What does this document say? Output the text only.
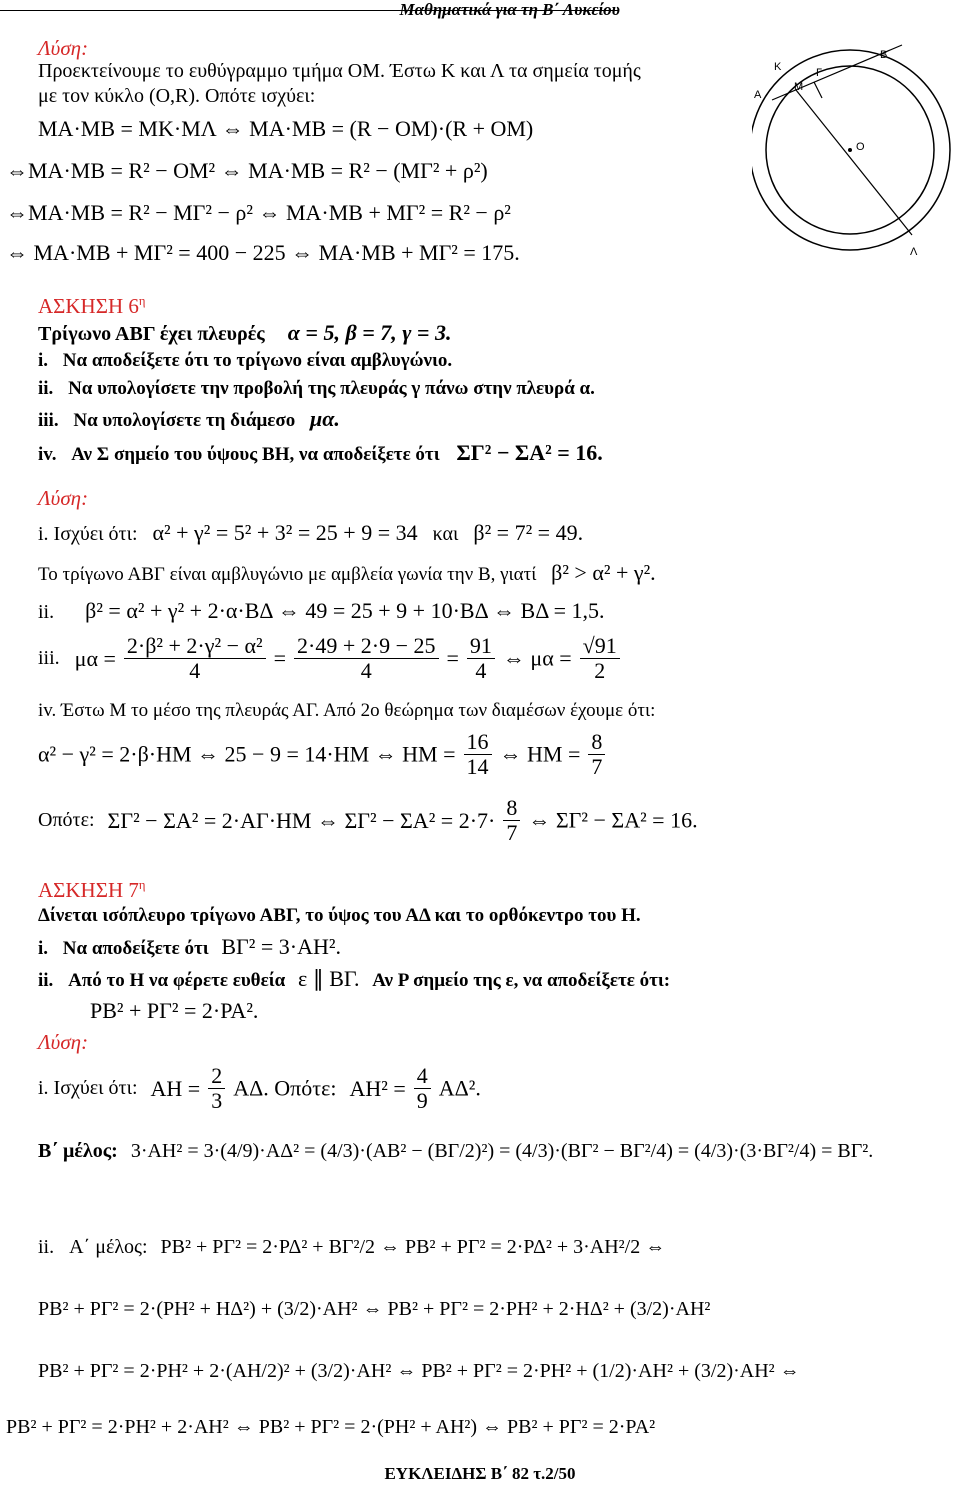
Μαθηματικά για τη Β΄ Λυκείου
Λύση:
Προεκτείνουμε το ευθύγραμμο τμήμα ΟΜ. Έστω Κ και Λ τα σημεία τομής
με τον κύκλο (Ο,R). Οπότε ισχύει:
ΜΑ·ΜΒ = ΜΚ·ΜΛ ⇔ ΜΑ·ΜΒ = (R − ΟΜ)·(R + ΟΜ)
⇔ΜΑ·ΜΒ = R² − ΟΜ² ⇔ ΜΑ·ΜΒ = R² − (ΜΓ² + ρ²)
⇔ΜΑ·ΜΒ = R² − ΜΓ² − ρ² ⇔ ΜΑ·ΜΒ + ΜΓ² = R² − ρ²
⇔ ΜΑ·ΜΒ + ΜΓ² = 400 − 225 ⇔ ΜΑ·ΜΒ + ΜΓ² = 175.
Κ
Μ
Γ
Β
Α
Ο
Λ
ΑΣΚΗΣΗ $6^\eta$
Τρίγωνο ΑΒΓ έχει πλευρές α = 5, β = 7, γ = 3.
i. Να αποδείξετε ότι το τρίγωνο είναι αμβλυγώνιο.
ii. Να υπολογίσετε την προβολή της πλευράς γ πάνω στην πλευρά α.
iii. Να υπολογίσετε τη διάμεσο μα.
iv. Αν Σ σημείο του ύψους ΒΗ, να αποδείξετε ότι ΣΓ² − ΣΑ² = 16.
Λύση:
i. Ισχύει ότι: α² + γ² = 5² + 3² = 25 + 9 = 34 και β² = 7² = 49.
Το τρίγωνο ΑΒΓ είναι αμβλυγώνιο με αμβλεία γωνία την Β, γιατί β² > α² + γ².
ii. β² = α² + γ² + 2·α·ΒΔ ⇔ 49 = 25 + 9 + 10·ΒΔ ⇔ ΒΔ = 1,5.
iii. $\mu\alpha = \frac{\text{2·β² + 2·γ² − α²}}{4} = \frac{2\cdot 49 + 2\cdot 9 - 25}{4} = \frac{91}{4}$ ⇔ $\mu\alpha = \frac{√91}{2}$
iv. Έστω Μ το μέσο της πλευράς ΑΓ. Από 2ο θεώρημα των διαμέσων έχουμε ότι:
α² − γ² = 2·β·ΗΜ ⇔ 25 − 9 = 14·ΗΜ ⇔ $HM = \frac{16}{14}$ ⇔ $HM = \frac{8}{7}$
Οπότε: ΣΓ² − ΣΑ² = 2·ΑΓ·ΗΜ ⇔ $\Sigma\Gamma^2 - \Sigma A^2 = 2\cdot 7\cdot \frac{8}{7}$ ⇔ ΣΓ² − ΣΑ² = 16.
ΑΣΚΗΣΗ $7^\eta$
Δίνεται ισόπλευρο τρίγωνο ΑΒΓ, το ύψος του ΑΔ και το ορθόκεντρο του Η.
i. Να αποδείξετε ότι ΒΓ² = 3·ΑΗ².
ii. Από το Η να φέρετε ευθεία ε ∥ ΒΓ. Αν Ρ σημείο της ε, να αποδείξετε ότι:
ΡΒ² + ΡΓ² = 2·ΡΑ².
Λύση:
i. Ισχύει ότι: $AH = \frac{2}{3} A\Delta$. Οπότε: $AH^2 = \frac{4}{9} A\Delta^2$.
Β΄ μέλος: 3·ΑΗ² = 3·(4/9)·ΑΔ² = (4/3)·(ΑΒ² − (ΒΓ/2)²) = (4/3)·(ΒΓ² − ΒΓ²/4) = (4/3)·(3·ΒΓ²/4) = ΒΓ².
ii. Α΄ μέλος: ΡΒ² + ΡΓ² = 2·ΡΔ² + ΒΓ²/2 ⇔ ΡΒ² + ΡΓ² = 2·ΡΔ² + 3·ΑΗ²/2 ⇔
ΡΒ² + ΡΓ² = 2·(ΡΗ² + ΗΔ²) + (3/2)·ΑΗ² ⇔ ΡΒ² + ΡΓ² = 2·ΡΗ² + 2·ΗΔ² + (3/2)·ΑΗ²
ΡΒ² + ΡΓ² = 2·ΡΗ² + 2·(ΑΗ/2)² + (3/2)·ΑΗ² ⇔ ΡΒ² + ΡΓ² = 2·ΡΗ² + (1/2)·ΑΗ² + (3/2)·ΑΗ² ⇔
ΡΒ² + ΡΓ² = 2·ΡΗ² + 2·ΑΗ² ⇔ ΡΒ² + ΡΓ² = 2·(ΡΗ² + ΑΗ²) ⇔ ΡΒ² + ΡΓ² = 2·ΡΑ²
ΕΥΚΛΕΙΔΗΣ Β΄ 82 τ.2/50
